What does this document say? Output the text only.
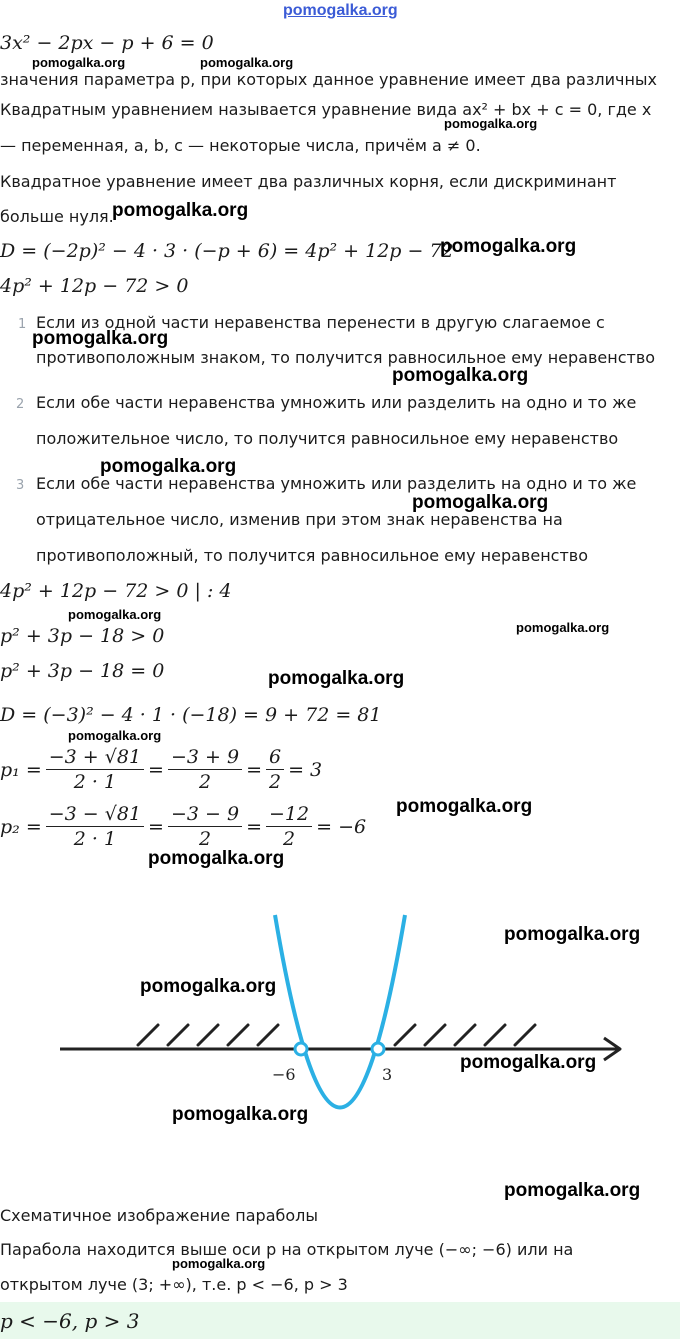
pomogalka.org
3x² − 2px − p + 6 = 0
pomogalka.org	pomogalka.org
значения параметра p, при которых данное уравнение имеет два различных
Квадратным уравнением называется уравнение вида ax² + bx + c = 0, где x
pomogalka.org
— переменная, a, b, c — некоторые числа, причём a ≠ 0.
Квадратное уравнение имеет два различных корня, если дискриминант
больше нуля.
pomogalka.org
D = (−2p)² − 4 · 3 · (−p + 6) = 4p² + 12p − 72
pomogalka.org
4p² + 12p − 72 > 0
1 Если из одной части неравенства перенести в другую слагаемое с
pomogalka.org
противоположным знаком, то получится равносильное ему неравенство
pomogalka.org
2 Если обе части неравенства умножить или разделить на одно и то же
положительное число, то получится равносильное ему неравенство
pomogalka.org
3 Если обе части неравенства умножить или разделить на одно и то же
pomogalka.org
отрицательное число, изменив при этом знак неравенства на
противоположный, то получится равносильное ему неравенство
4p² + 12p − 72 > 0 | : 4
pomogalka.org
p² + 3p − 18 > 0	pomogalka.org
p² + 3p − 18 = 0	pomogalka.org
D = (−3)² − 4 · 1 · (−18) = 9 + 72 = 81
pomogalka.org
$p_1 = \frac{-3 + √81}{2 \cdot 1} = \frac{-3 + 9}{2} = \frac{6}{2} = 3$
$p_2 = \frac{-3 - √81}{2 \cdot 1} = \frac{-3 - 9}{2} = \frac{-12}{2} = -6$
pomogalka.org
pomogalka.org
−6	3
pomogalka.org
pomogalka.org
pomogalka.org
pomogalka.org
pomogalka.org
Схематичное изображение параболы
Парабола находится выше оси p на открытом луче (−∞; −6) или на
pomogalka.org
открытом луче (3; +∞), т.е. p < −6, p > 3
p < −6, p > 3
